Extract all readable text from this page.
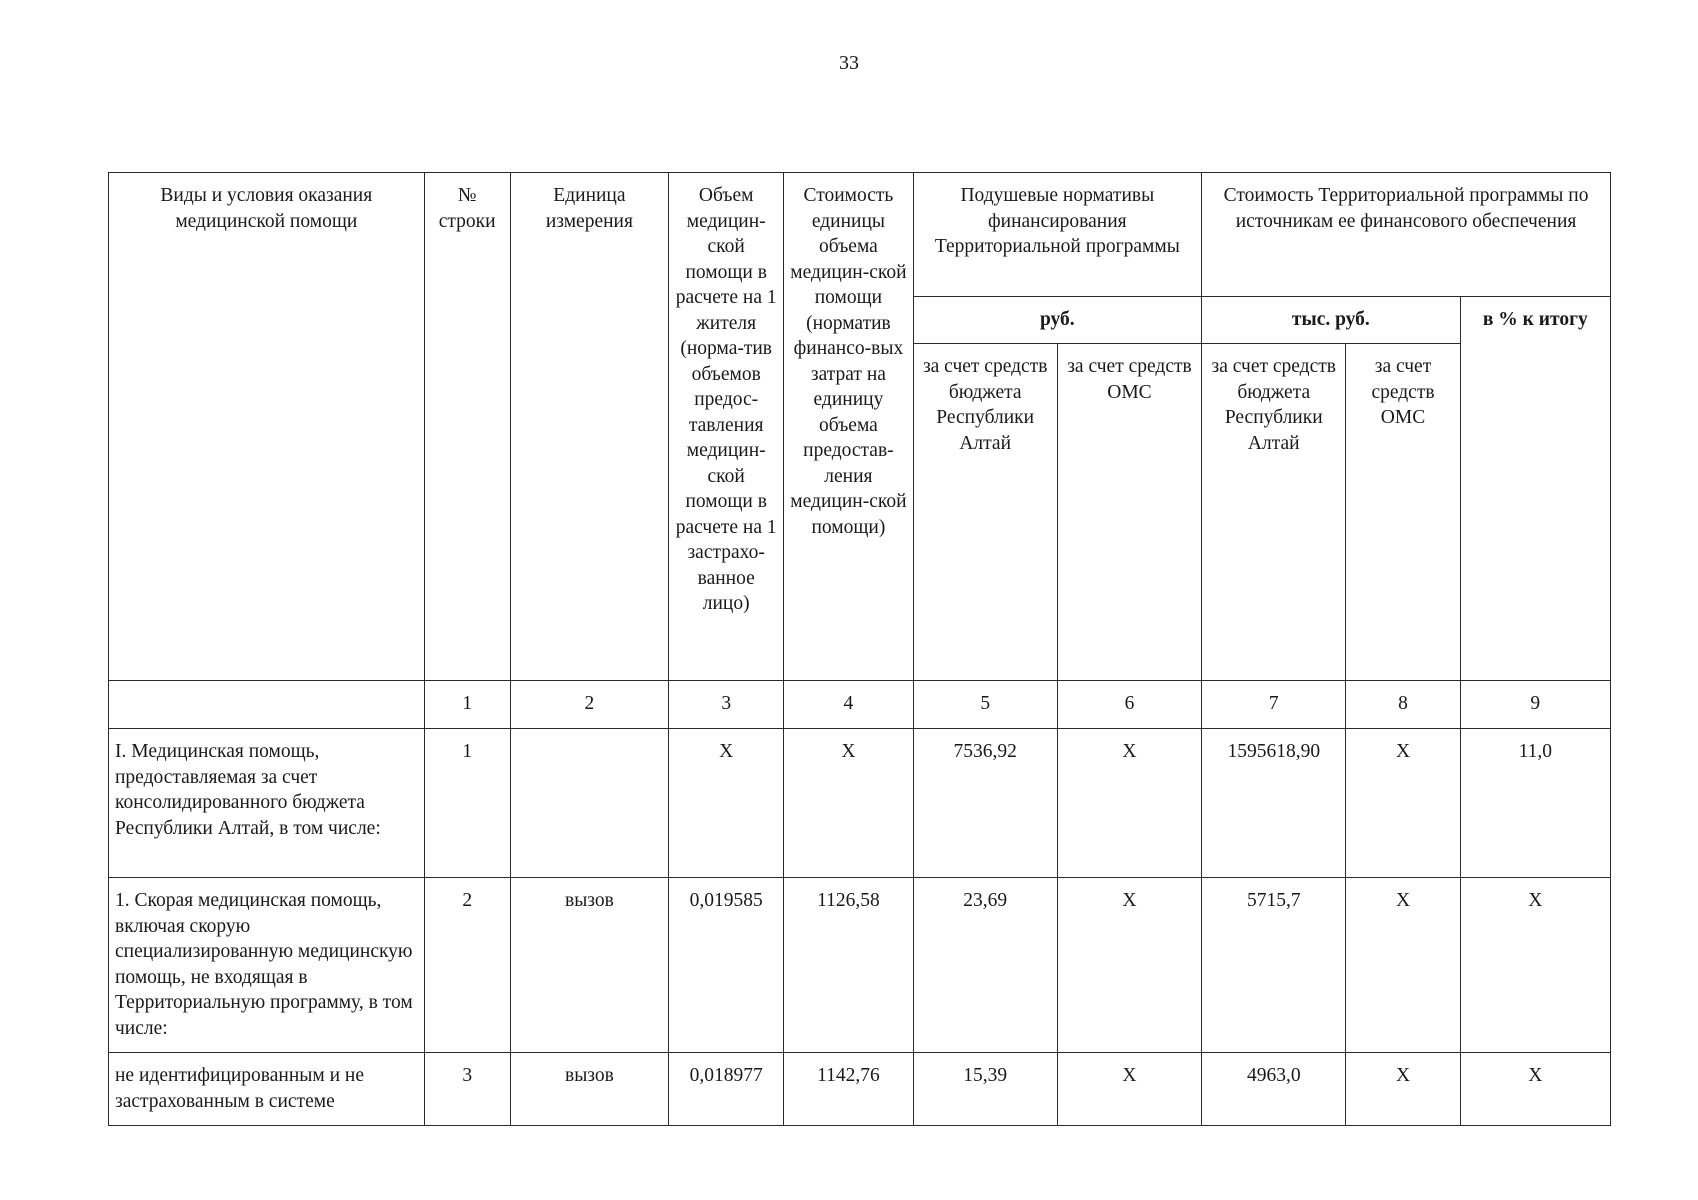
33
Виды и условия оказания медицинской помощи	№ строки	Единица измерения	Объем медицин-ской помощи в расчете на 1 жителя (норма-тив объемов предос-тавления медицин-ской помощи в расчете на 1 застрахо-ванное лицо)	Стоимость единицы объема медицин-ской помощи (норматив финансо-вых затрат на единицу объема предостав-ления медицин-ской помощи)	Подушевые нормативы финансирования Территориальной программы		Стоимость Территориальной программы по источникам ее финансового обеспечения		
					руб.		тыс. руб.		в % к итогу
					за счет средств бюджета Республики Алтай	за счет средств ОМС	за счет средств бюджета Республики Алтай	за счет средств ОМС	
	1	2	3	4	5	6	7	8	9
I. Медицинская помощь, предоставляемая за счет консолидированного бюджета Республики Алтай, в том числе:	1		X	X	7536,92	X	1595618,90	X	11,0
1. Скорая медицинская помощь, включая скорую специализированную медицинскую помощь, не входящая в Территориальную программу, в том числе:	2	вызов	0,019585	1126,58	23,69	X	5715,7	X	X
не идентифицированным и не застрахованным в системе	3	вызов	0,018977	1142,76	15,39	X	4963,0	X	X
